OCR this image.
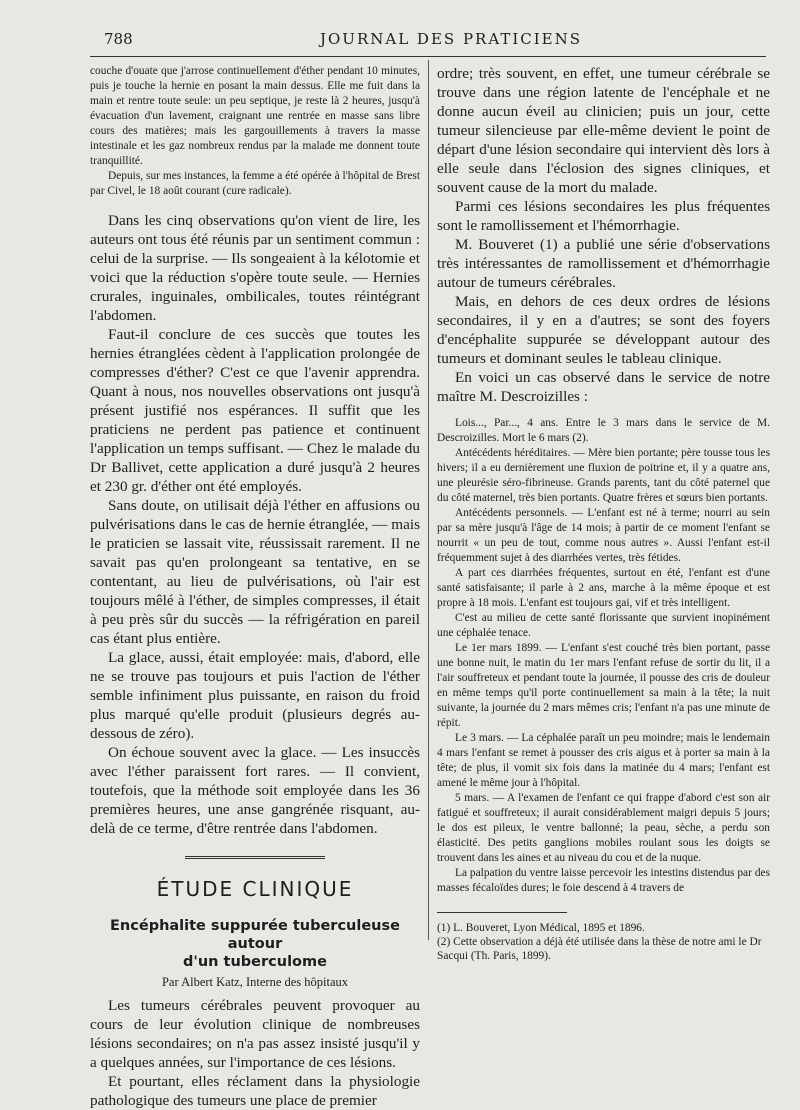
788	JOURNAL DES PRATICIENS

couche d'ouate que j'arrose continuellement d'éther pendant 10 minutes, puis je touche la hernie en posant la main dessus. Elle me fuit dans la main et rentre toute seule: un peu septique, je reste là 2 heures, jusqu'à évacuation d'un lavement, craignant une rentrée en masse sans libre cours des matières; mais les gargouillements à travers la masse intestinale et les gaz nombreux rendus par la malade me donnent toute tranquillité.

Depuis, sur mes instances, la femme a été opérée à l'hôpital de Brest par Civel, le 18 août courant (cure radicale).

Dans les cinq observations qu'on vient de lire, les auteurs ont tous été réunis par un sentiment commun : celui de la surprise. — Ils songeaient à la kélotomie et voici que la réduction s'opère toute seule. — Hernies crurales, inguinales, ombilicales, toutes réintégrant l'abdomen.

Faut-il conclure de ces succès que toutes les hernies étranglées cèdent à l'application prolongée de compresses d'éther? C'est ce que l'avenir apprendra. Quant à nous, nos nouvelles observations ont jusqu'à présent justifié nos espérances. Il suffit que les praticiens ne perdent pas patience et continuent l'application un temps suffisant. — Chez le malade du Dr Ballivet, cette application a duré jusqu'à 2 heures et 230 gr. d'éther ont été employés.

Sans doute, on utilisait déjà l'éther en affusions ou pulvérisations dans le cas de hernie étranglée, — mais le praticien se lassait vite, réussissait rarement. Il ne savait pas qu'en prolongeant sa tentative, en se contentant, au lieu de pulvérisations, où l'air est toujours mêlé à l'éther, de simples compresses, il était à peu près sûr du succès — la réfrigération en pareil cas étant plus entière.

La glace, aussi, était employée: mais, d'abord, elle ne se trouve pas toujours et puis l'action de l'éther semble infiniment plus puissante, en raison du froid plus marqué qu'elle produit (plusieurs degrés au-dessous de zéro).

On échoue souvent avec la glace. — Les insuccès avec l'éther paraissent fort rares. — Il convient, toutefois, que la méthode soit employée dans les 36 premières heures, une anse gangrénée risquant, au-delà de ce terme, d'être rentrée dans l'abdomen.

ÉTUDE CLINIQUE
Encéphalite suppurée tuberculeuse autour
d'un tuberculome
Par Albert Katz, Interne des hôpitaux

Les tumeurs cérébrales peuvent provoquer au cours de leur évolution clinique de nombreuses lésions secondaires; on n'a pas assez insisté jusqu'il y a quelques années, sur l'importance de ces lésions.

Et pourtant, elles réclament dans la physiologie pathologique des tumeurs une place de premier

ordre; très souvent, en effet, une tumeur cérébrale se trouve dans une région latente de l'encéphale et ne donne aucun éveil au clinicien; puis un jour, cette tumeur silencieuse par elle-même devient le point de départ d'une lésion secondaire qui intervient dès lors à elle seule dans l'éclosion des signes cliniques, et souvent cause de la mort du malade.

Parmi ces lésions secondaires les plus fréquentes sont le ramollissement et l'hémorrhagie.

M. Bouveret (1) a publié une série d'observations très intéressantes de ramollissement et d'hémorrhagie autour de tumeurs cérébrales.

Mais, en dehors de ces deux ordres de lésions secondaires, il y en a d'autres; se sont des foyers d'encéphalite suppurée se développant autour des tumeurs et dominant seules le tableau clinique.

En voici un cas observé dans le service de notre maître M. Descroizilles :

Lois..., Par..., 4 ans. Entre le 3 mars dans le service de M. Descroizilles. Mort le 6 mars (2).

Antécédents héréditaires. — Mère bien portante; père tousse tous les hivers; il a eu dernièrement une fluxion de poitrine et, il y a quatre ans, une pleurésie séro-fibrineuse. Grands parents, tant du côté paternel que du côté maternel, très bien portants. Quatre frères et sœurs bien portants.

Antécédents personnels. — L'enfant est né à terme; nourri au sein par sa mère jusqu'à l'âge de 14 mois; à partir de ce moment l'enfant se nourrit « un peu de tout, comme nous autres ». Aussi l'enfant est-il fréquemment sujet à des diarrhées vertes, très fétides.

A part ces diarrhées fréquentes, surtout en été, l'enfant est d'une santé satisfaisante; il parle à 2 ans, marche à la même époque et est propre à 18 mois. L'enfant est toujours gai, vif et très intelligent.

C'est au milieu de cette santé florissante que survient inopinément une céphalée tenace.

Le 1er mars 1899. — L'enfant s'est couché très bien portant, passe une bonne nuit, le matin du 1er mars l'enfant refuse de sortir du lit, il a l'air souffreteux et pendant toute la journée, il pousse des cris de douleur en même temps qu'il porte continuellement sa main à la tête; la nuit suivante, la journée du 2 mars mêmes cris; l'enfant n'a pas une minute de répit.

Le 3 mars. — La céphalée paraît un peu moindre; mais le lendemain 4 mars l'enfant se remet à pousser des cris aigus et à porter sa main à la tête; de plus, il vomit six fois dans la matinée du 4 mars; l'enfant est amené le même jour à l'hôpital.

5 mars. — A l'examen de l'enfant ce qui frappe d'abord c'est son air fatigué et souffreteux; il aurait considérablement maigri depuis 5 jours; le dos est pileux, le ventre ballonné; la peau, sèche, a perdu son élasticité. Des petits ganglions mobiles roulant sous les doigts se trouvent dans les aines et au niveau du cou et de la nuque.

La palpation du ventre laisse percevoir les intestins distendus par des masses fécaloïdes dures; le foie descend à 4 travers de

(1) L. Bouveret, Lyon Médical, 1895 et 1896.
(2) Cette observation a déjà été utilisée dans la thèse de notre ami le Dr Sacqui (Th. Paris, 1899).
